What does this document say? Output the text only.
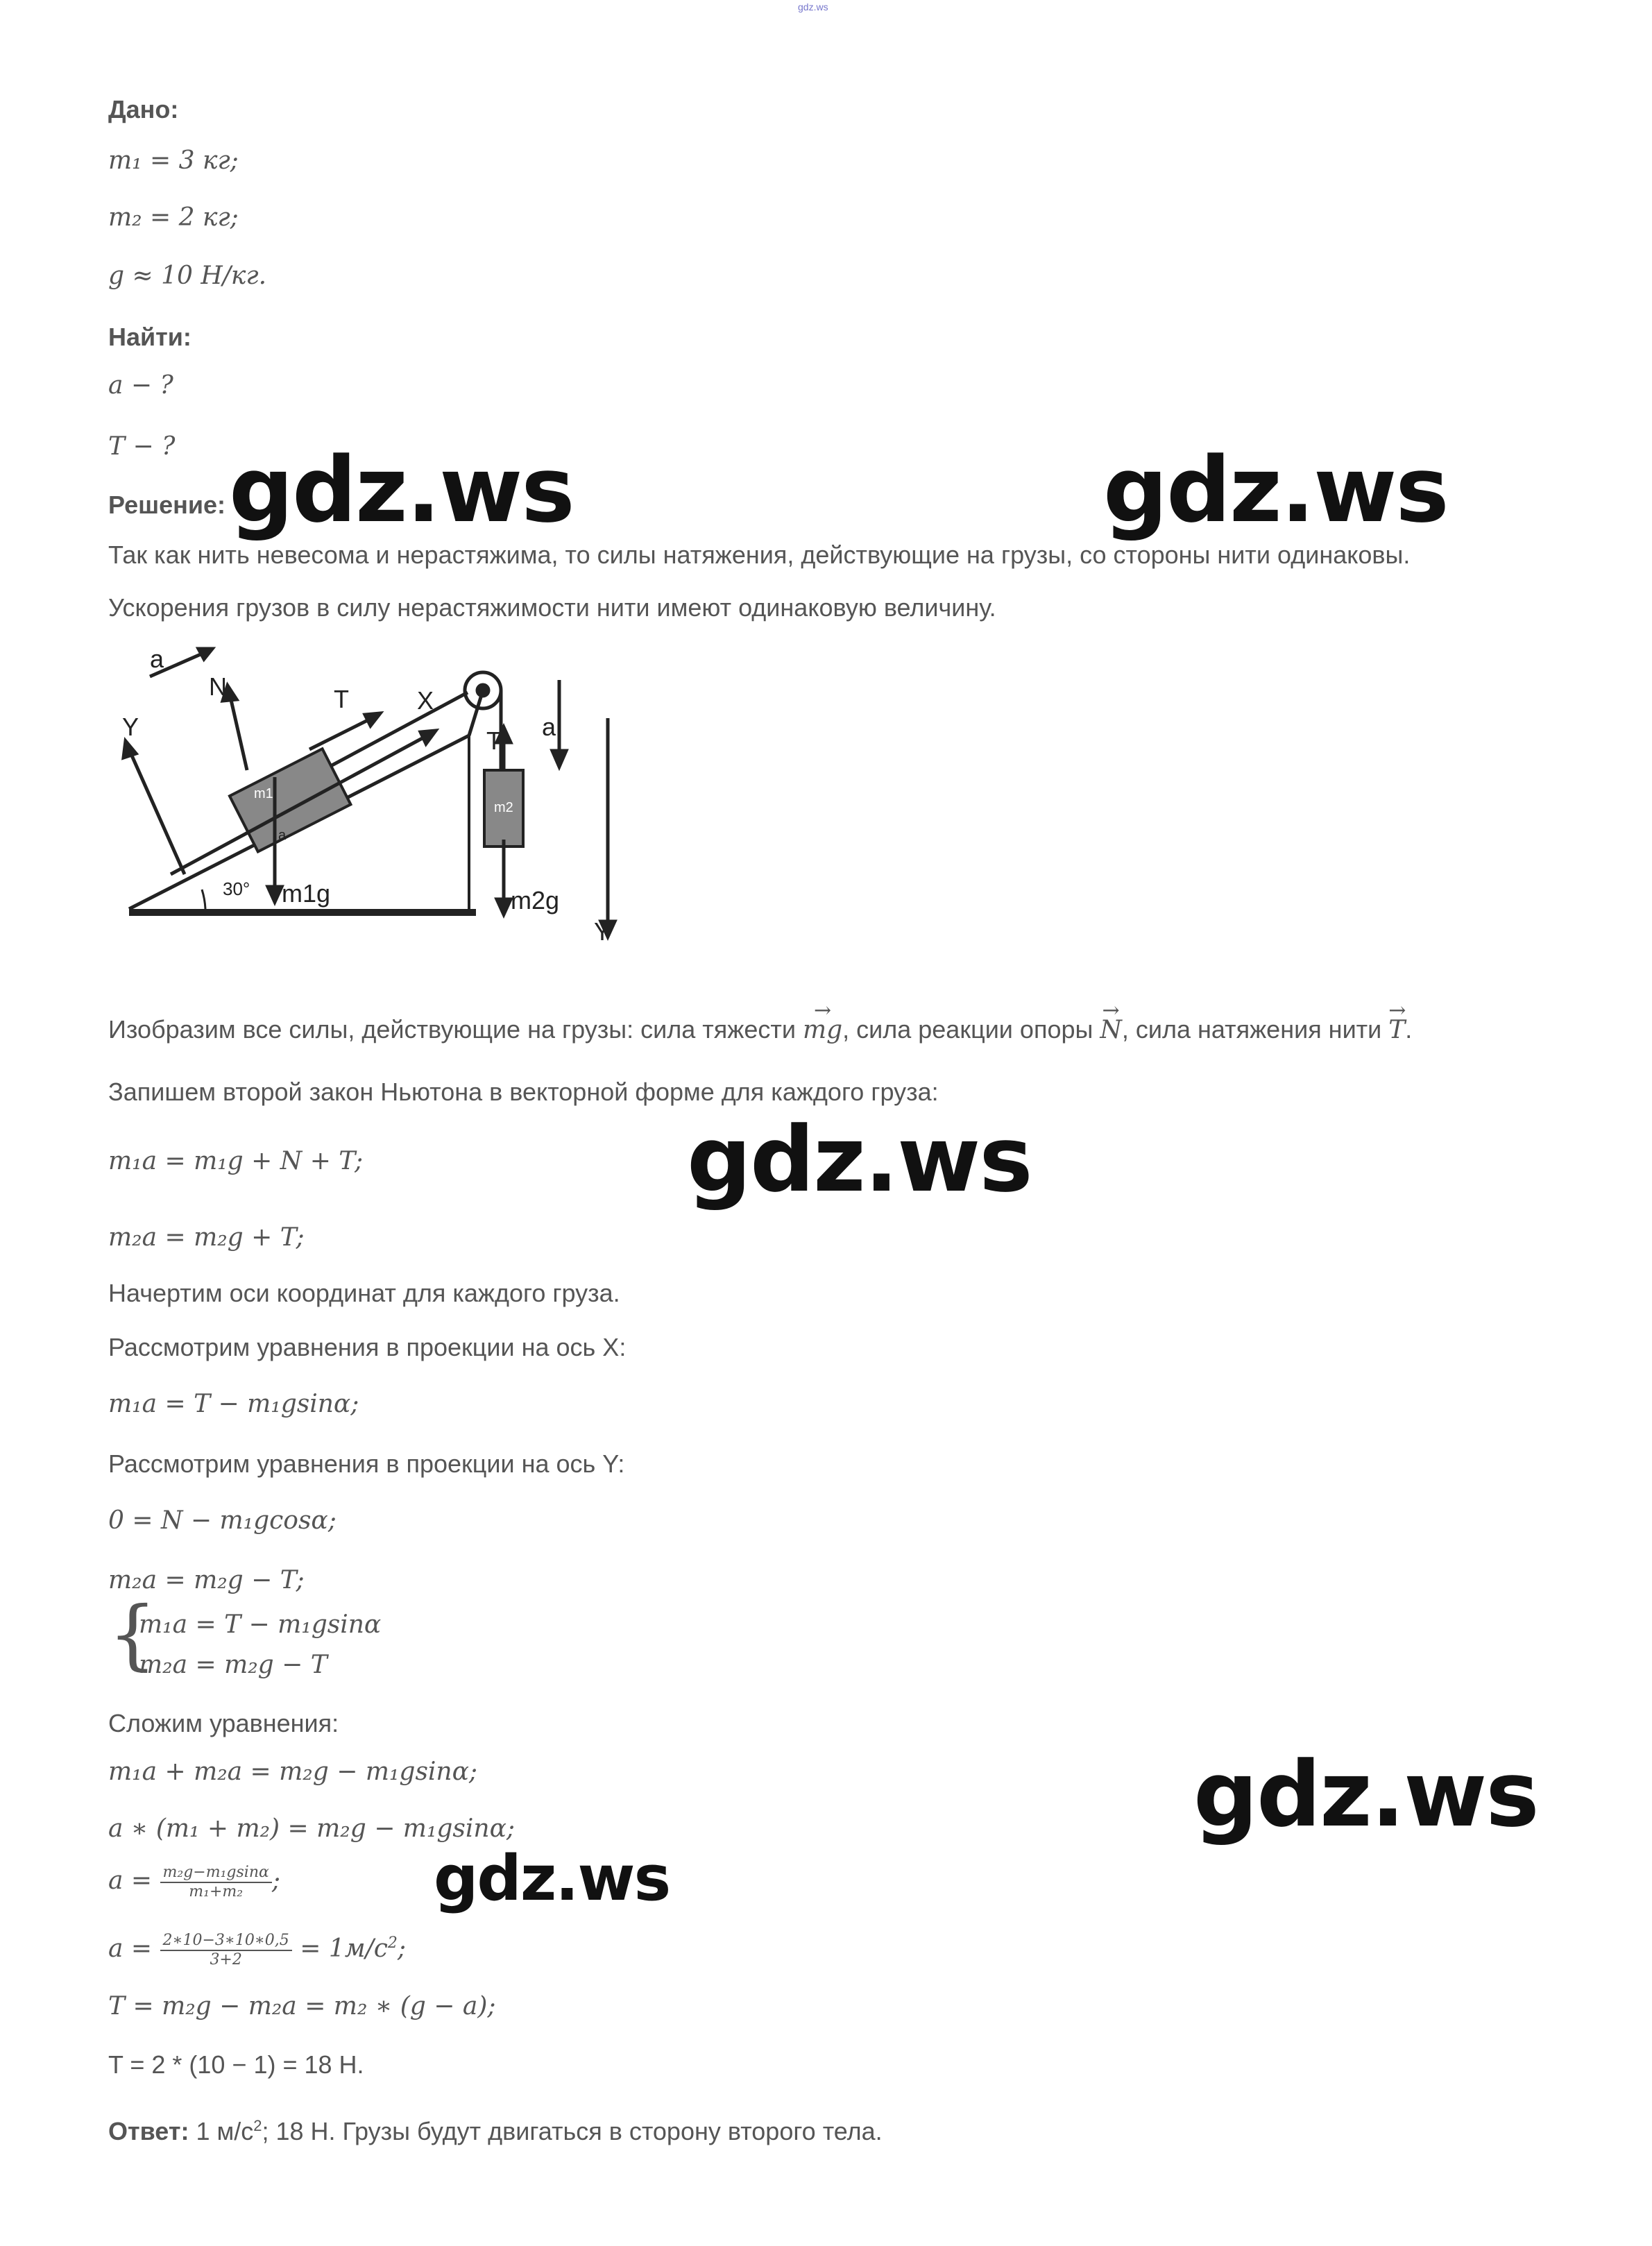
gdz.ws
Дано:
m₁ = 3 кг;
m₂ = 2 кг;
g ≈ 10 Н/кг.
Найти:
a − ?
T − ?
Решение:
Так как нить невесома и нерастяжима, то силы натяжения, действующие на грузы, со стороны нити одинаковы.
Ускорения грузов в силу нерастяжимости нити имеют одинаковую величину.
a
N	T	X
Y
m1
a
30° m1g
T a
m2
m2g
Y
Изобразим все силы, действующие на грузы: сила тяжести → mg, сила реакции опоры → N, сила натяжения нити → T.
Запишем второй закон Ньютона в векторной форме для каждого груза:
m₁a = m₁g + N + T;
m₂a = m₂g + T;
Начертим оси координат для каждого груза.
Рассмотрим уравнения в проекции на ось X:
m₁a = T − m₁gsinα;
Рассмотрим уравнения в проекции на ось Y:
0 = N − m₁gcosα;
m₂a = m₂g − T;
{
m₁a = T − m₁gsinα
m₂a = m₂g − T
Сложим уравнения:
m₁a + m₂a = m₂g − m₁gsinα;
a ∗ (m₁ + m₂) = m₂g − m₁gsinα;
$a = \frac{\text{m₂g−m₁gsinα}}{\text{m₁+m₂}}$ ;
$a = \frac{2∗10-3∗10∗0,5}{3+2} = 1м/с^2$;
T = m₂g − m₂a = m₂ ∗ (g − a);
T = 2 * (10 − 1) = 18 Н.
Ответ: 1 $м/с^2$; 18 Н. Грузы будут двигаться в сторону второго тела.
gdz.ws	gdz.ws
gdz.ws
gdz.ws
gdz.ws
